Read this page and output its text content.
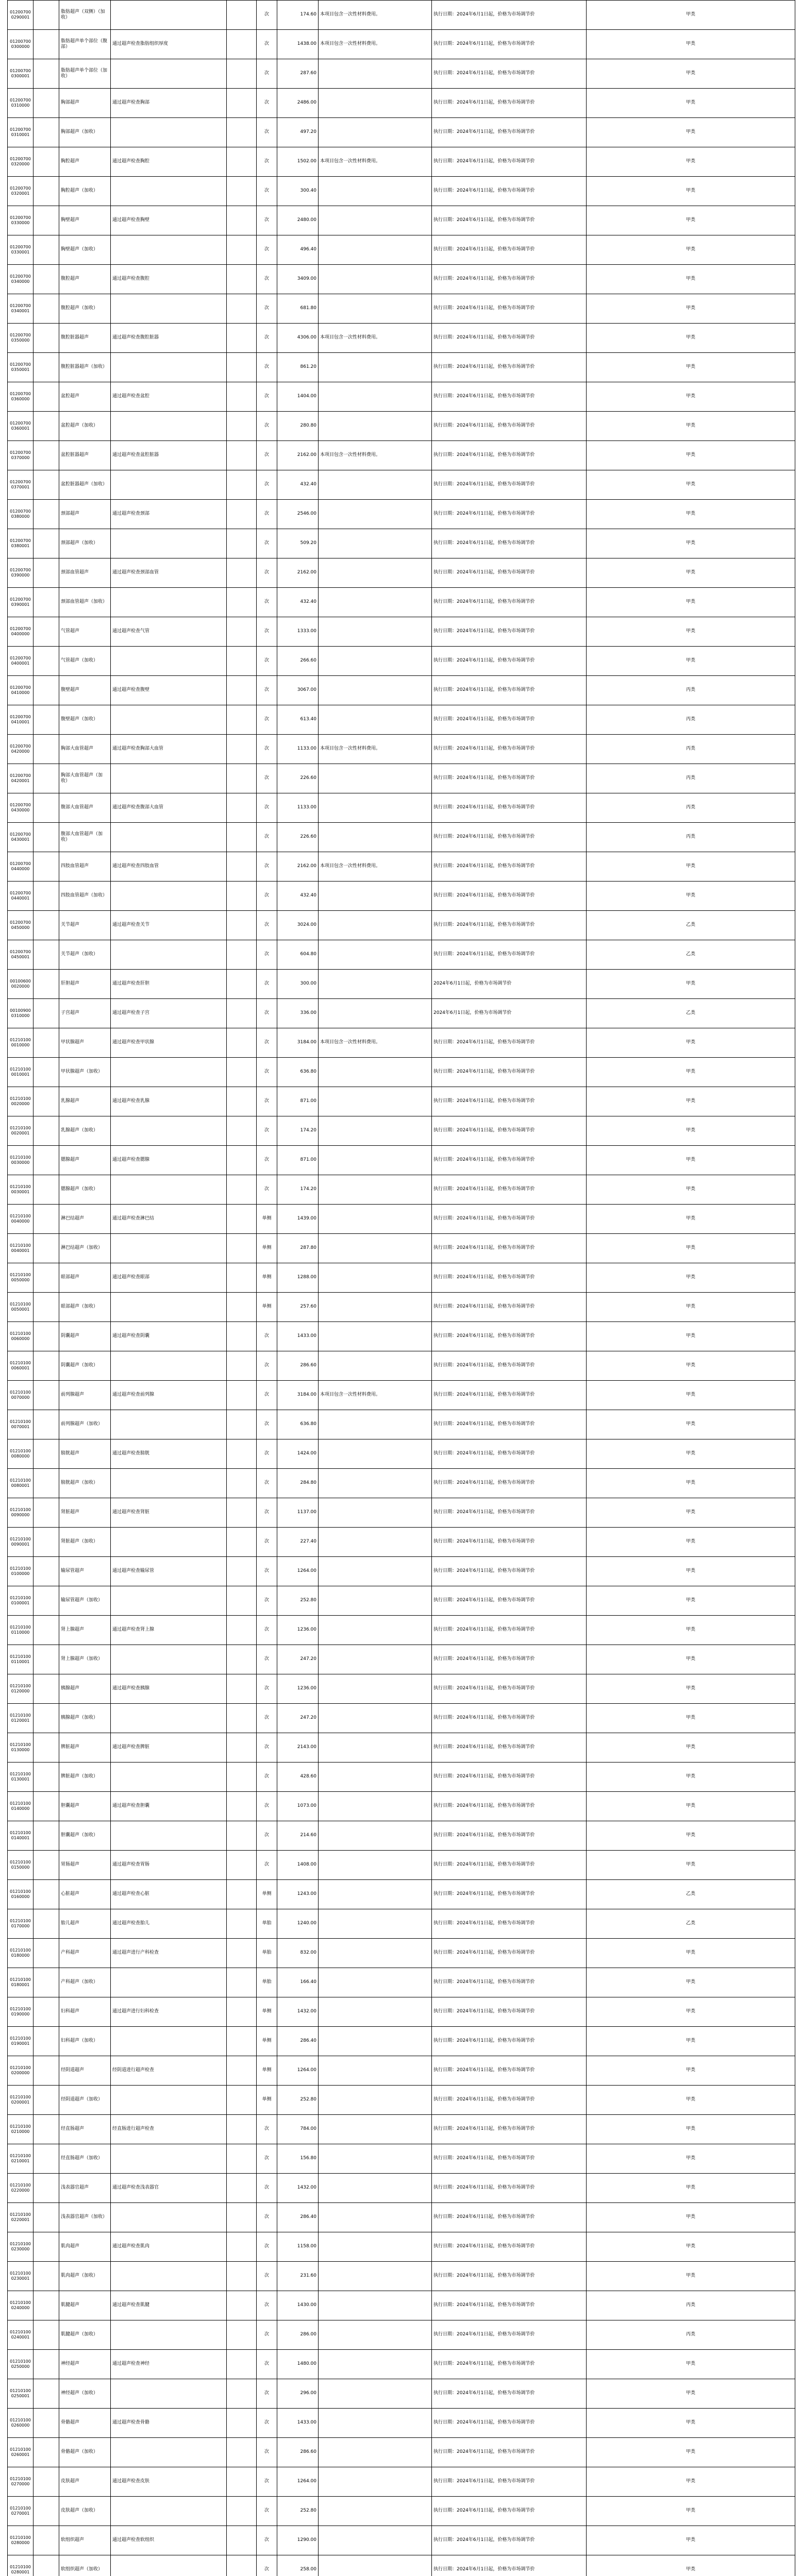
012007000290001		脂肪超声（双侧）（加收）			次	174.60	本项目包含一次性材料费用。	执行日期：2024年6月1日起，价格为市场调节价	甲类
012007000300000		脂肪超声单个部位（腹部）	通过超声检查脂肪组织厚度		次	1438.00	本项目包含一次性材料费用。	执行日期：2024年6月1日起，价格为市场调节价	甲类
012007000300001		脂肪超声单个部位（加收）			次	287.60		执行日期：2024年6月1日起，价格为市场调节价	甲类
012007000310000		胸部超声	通过超声检查胸部		次	2486.00		执行日期：2024年6月1日起，价格为市场调节价	甲类
012007000310001		胸部超声（加收）			次	497.20		执行日期：2024年6月1日起，价格为市场调节价	甲类
012007000320000		胸腔超声	通过超声检查胸腔		次	1502.00	本项目包含一次性材料费用。	执行日期：2024年6月1日起，价格为市场调节价	甲类
012007000320001		胸腔超声（加收）			次	300.40		执行日期：2024年6月1日起，价格为市场调节价	甲类
012007000330000		胸壁超声	通过超声检查胸壁		次	2480.00		执行日期：2024年6月1日起，价格为市场调节价	甲类
012007000330001		胸壁超声（加收）			次	496.40		执行日期：2024年6月1日起，价格为市场调节价	甲类
012007000340000		腹腔超声	通过超声检查腹腔		次	3409.00		执行日期：2024年6月1日起，价格为市场调节价	甲类
012007000340001		腹腔超声（加收）			次	681.80		执行日期：2024年6月1日起，价格为市场调节价	甲类
012007000350000		腹腔脏器超声	通过超声检查腹腔脏器		次	4306.00	本项目包含一次性材料费用。	执行日期：2024年6月1日起，价格为市场调节价	甲类
012007000350001		腹腔脏器超声（加收）			次	861.20		执行日期：2024年6月1日起，价格为市场调节价	甲类
012007000360000		盆腔超声	通过超声检查盆腔		次	1404.00		执行日期：2024年6月1日起，价格为市场调节价	甲类
012007000360001		盆腔超声（加收）			次	280.80		执行日期：2024年6月1日起，价格为市场调节价	甲类
012007000370000		盆腔脏器超声	通过超声检查盆腔脏器		次	2162.00	本项目包含一次性材料费用。	执行日期：2024年6月1日起，价格为市场调节价	甲类
012007000370001		盆腔脏器超声（加收）			次	432.40		执行日期：2024年6月1日起，价格为市场调节价	甲类
012007000380000		颈部超声	通过超声检查颈部		次	2546.00		执行日期：2024年6月1日起，价格为市场调节价	甲类
012007000380001		颈部超声（加收）			次	509.20		执行日期：2024年6月1日起，价格为市场调节价	甲类
012007000390000		颈部血管超声	通过超声检查颈部血管		次	2162.00		执行日期：2024年6月1日起，价格为市场调节价	甲类
012007000390001		颈部血管超声（加收）			次	432.40		执行日期：2024年6月1日起，价格为市场调节价	甲类
012007000400000		气管超声	通过超声检查气管		次	1333.00		执行日期：2024年6月1日起，价格为市场调节价	甲类
012007000400001		气管超声（加收）			次	266.60		执行日期：2024年6月1日起，价格为市场调节价	甲类
012007000410000		腹壁超声	通过超声检查腹壁		次	3067.00		执行日期：2024年6月1日起，价格为市场调节价	丙类
012007000410001		腹壁超声（加收）			次	613.40		执行日期：2024年6月1日起，价格为市场调节价	丙类
012007000420000		胸部大血管超声	通过超声检查胸部大血管		次	1133.00	本项目包含一次性材料费用。	执行日期：2024年6月1日起，价格为市场调节价	丙类
012007000420001		胸部大血管超声（加收）			次	226.60		执行日期：2024年6月1日起，价格为市场调节价	丙类
012007000430000		腹部大血管超声	通过超声检查腹部大血管		次	1133.00		执行日期：2024年6月1日起，价格为市场调节价	丙类
012007000430001		腹部大血管超声（加收）			次	226.60		执行日期：2024年6月1日起，价格为市场调节价	丙类
012007000440000		四肢血管超声	通过超声检查四肢血管		次	2162.00	本项目包含一次性材料费用。	执行日期：2024年6月1日起，价格为市场调节价	甲类
012007000440001		四肢血管超声（加收）			次	432.40		执行日期：2024年6月1日起，价格为市场调节价	甲类
012007000450000		关节超声	通过超声检查关节		次	3024.00		执行日期：2024年6月1日起，价格为市场调节价	乙类
012007000450001		关节超声（加收）			次	604.80		执行日期：2024年6月1日起，价格为市场调节价	乙类
001006000020000		肝胆超声	通过超声检查肝胆		次	300.00		2024年6月1日起，价格为市场调节价	甲类
001009000310000		子宫超声	通过超声检查子宫		次	336.00		2024年6月1日起，价格为市场调节价	乙类
012101000010000		甲状腺超声	通过超声检查甲状腺		次	3184.00	本项目包含一次性材料费用。	执行日期：2024年6月1日起，价格为市场调节价	甲类
012101000010001		甲状腺超声（加收）			次	636.80		执行日期：2024年6月1日起，价格为市场调节价	甲类
012101000020000		乳腺超声	通过超声检查乳腺		次	871.00		执行日期：2024年6月1日起，价格为市场调节价	甲类
012101000020001		乳腺超声（加收）			次	174.20		执行日期：2024年6月1日起，价格为市场调节价	甲类
012101000030000		腮腺超声	通过超声检查腮腺		次	871.00		执行日期：2024年6月1日起，价格为市场调节价	甲类
012101000030001		腮腺超声（加收）			次	174.20		执行日期：2024年6月1日起，价格为市场调节价	甲类
012101000040000		淋巴结超声	通过超声检查淋巴结		单侧	1439.00		执行日期：2024年6月1日起，价格为市场调节价	甲类
012101000040001		淋巴结超声（加收）			单侧	287.80		执行日期：2024年6月1日起，价格为市场调节价	甲类
012101000050000		眼部超声	通过超声检查眼部		单侧	1288.00		执行日期：2024年6月1日起，价格为市场调节价	甲类
012101000050001		眼部超声（加收）			单侧	257.60		执行日期：2024年6月1日起，价格为市场调节价	甲类
012101000060000		阴囊超声	通过超声检查阴囊		次	1433.00		执行日期：2024年6月1日起，价格为市场调节价	甲类
012101000060001		阴囊超声（加收）			次	286.60		执行日期：2024年6月1日起，价格为市场调节价	甲类
012101000070000		前列腺超声	通过超声检查前列腺		次	3184.00	本项目包含一次性材料费用。	执行日期：2024年6月1日起，价格为市场调节价	甲类
012101000070001		前列腺超声（加收）			次	636.80		执行日期：2024年6月1日起，价格为市场调节价	甲类
012101000080000		膀胱超声	通过超声检查膀胱		次	1424.00		执行日期：2024年6月1日起，价格为市场调节价	甲类
012101000080001		膀胱超声（加收）			次	284.80		执行日期：2024年6月1日起，价格为市场调节价	甲类
012101000090000		肾脏超声	通过超声检查肾脏		次	1137.00		执行日期：2024年6月1日起，价格为市场调节价	甲类
012101000090001		肾脏超声（加收）			次	227.40		执行日期：2024年6月1日起，价格为市场调节价	甲类
012101000100000		输尿管超声	通过超声检查输尿管		次	1264.00		执行日期：2024年6月1日起，价格为市场调节价	甲类
012101000100001		输尿管超声（加收）			次	252.80		执行日期：2024年6月1日起，价格为市场调节价	甲类
012101000110000		肾上腺超声	通过超声检查肾上腺		次	1236.00		执行日期：2024年6月1日起，价格为市场调节价	甲类
012101000110001		肾上腺超声（加收）			次	247.20		执行日期：2024年6月1日起，价格为市场调节价	甲类
012101000120000		胰腺超声	通过超声检查胰腺		次	1236.00		执行日期：2024年6月1日起，价格为市场调节价	甲类
012101000120001		胰腺超声（加收）			次	247.20		执行日期：2024年6月1日起，价格为市场调节价	甲类
012101000130000		脾脏超声	通过超声检查脾脏		次	2143.00		执行日期：2024年6月1日起，价格为市场调节价	甲类
012101000130001		脾脏超声（加收）			次	428.60		执行日期：2024年6月1日起，价格为市场调节价	甲类
012101000140000		胆囊超声	通过超声检查胆囊		次	1073.00		执行日期：2024年6月1日起，价格为市场调节价	甲类
012101000140001		胆囊超声（加收）			次	214.60		执行日期：2024年6月1日起，价格为市场调节价	甲类
012101000150000		胃肠超声	通过超声检查胃肠		次	1408.00		执行日期：2024年6月1日起，价格为市场调节价	甲类
012101000160000		心脏超声	通过超声检查心脏		单侧	1243.00		执行日期：2024年6月1日起，价格为市场调节价	乙类
012101000170000		胎儿超声	通过超声检查胎儿		单胎	1240.00		执行日期：2024年6月1日起，价格为市场调节价	乙类
012101000180000		产科超声	通过超声进行产科检查		单胎	832.00		执行日期：2024年6月1日起，价格为市场调节价	甲类
012101000180001		产科超声（加收）			单胎	166.40		执行日期：2024年6月1日起，价格为市场调节价	甲类
012101000190000		妇科超声	通过超声进行妇科检查		单侧	1432.00		执行日期：2024年6月1日起，价格为市场调节价	甲类
012101000190001		妇科超声（加收）			单侧	286.40		执行日期：2024年6月1日起，价格为市场调节价	甲类
012101000200000		经阴道超声	经阴道进行超声检查		单侧	1264.00		执行日期：2024年6月1日起，价格为市场调节价	甲类
012101000200001		经阴道超声（加收）			单侧	252.80		执行日期：2024年6月1日起，价格为市场调节价	甲类
012101000210000		经直肠超声	经直肠进行超声检查		次	784.00		执行日期：2024年6月1日起，价格为市场调节价	甲类
012101000210001		经直肠超声（加收）			次	156.80		执行日期：2024年6月1日起，价格为市场调节价	甲类
012101000220000		浅表器官超声	通过超声检查浅表器官		次	1432.00		执行日期：2024年6月1日起，价格为市场调节价	甲类
012101000220001		浅表器官超声（加收）			次	286.40		执行日期：2024年6月1日起，价格为市场调节价	甲类
012101000230000		肌肉超声	通过超声检查肌肉		次	1158.00		执行日期：2024年6月1日起，价格为市场调节价	甲类
012101000230001		肌肉超声（加收）			次	231.60		执行日期：2024年6月1日起，价格为市场调节价	甲类
012101000240000		肌腱超声	通过超声检查肌腱		次	1430.00		执行日期：2024年6月1日起，价格为市场调节价	丙类
012101000240001		肌腱超声（加收）			次	286.00		执行日期：2024年6月1日起，价格为市场调节价	丙类
012101000250000		神经超声	通过超声检查神经		次	1480.00		执行日期：2024年6月1日起，价格为市场调节价	甲类
012101000250001		神经超声（加收）			次	296.00		执行日期：2024年6月1日起，价格为市场调节价	甲类
012101000260000		骨骼超声	通过超声检查骨骼		次	1433.00		执行日期：2024年6月1日起，价格为市场调节价	甲类
012101000260001		骨骼超声（加收）			次	286.60		执行日期：2024年6月1日起，价格为市场调节价	甲类
012101000270000		皮肤超声	通过超声检查皮肤		次	1264.00		执行日期：2024年6月1日起，价格为市场调节价	甲类
012101000270001		皮肤超声（加收）			次	252.80		执行日期：2024年6月1日起，价格为市场调节价	甲类
012101000280000		软组织超声	通过超声检查软组织		次	1290.00		执行日期：2024年6月1日起，价格为市场调节价	甲类
012101000280001		软组织超声（加收）			次	258.00		执行日期：2024年6月1日起，价格为市场调节价	甲类
